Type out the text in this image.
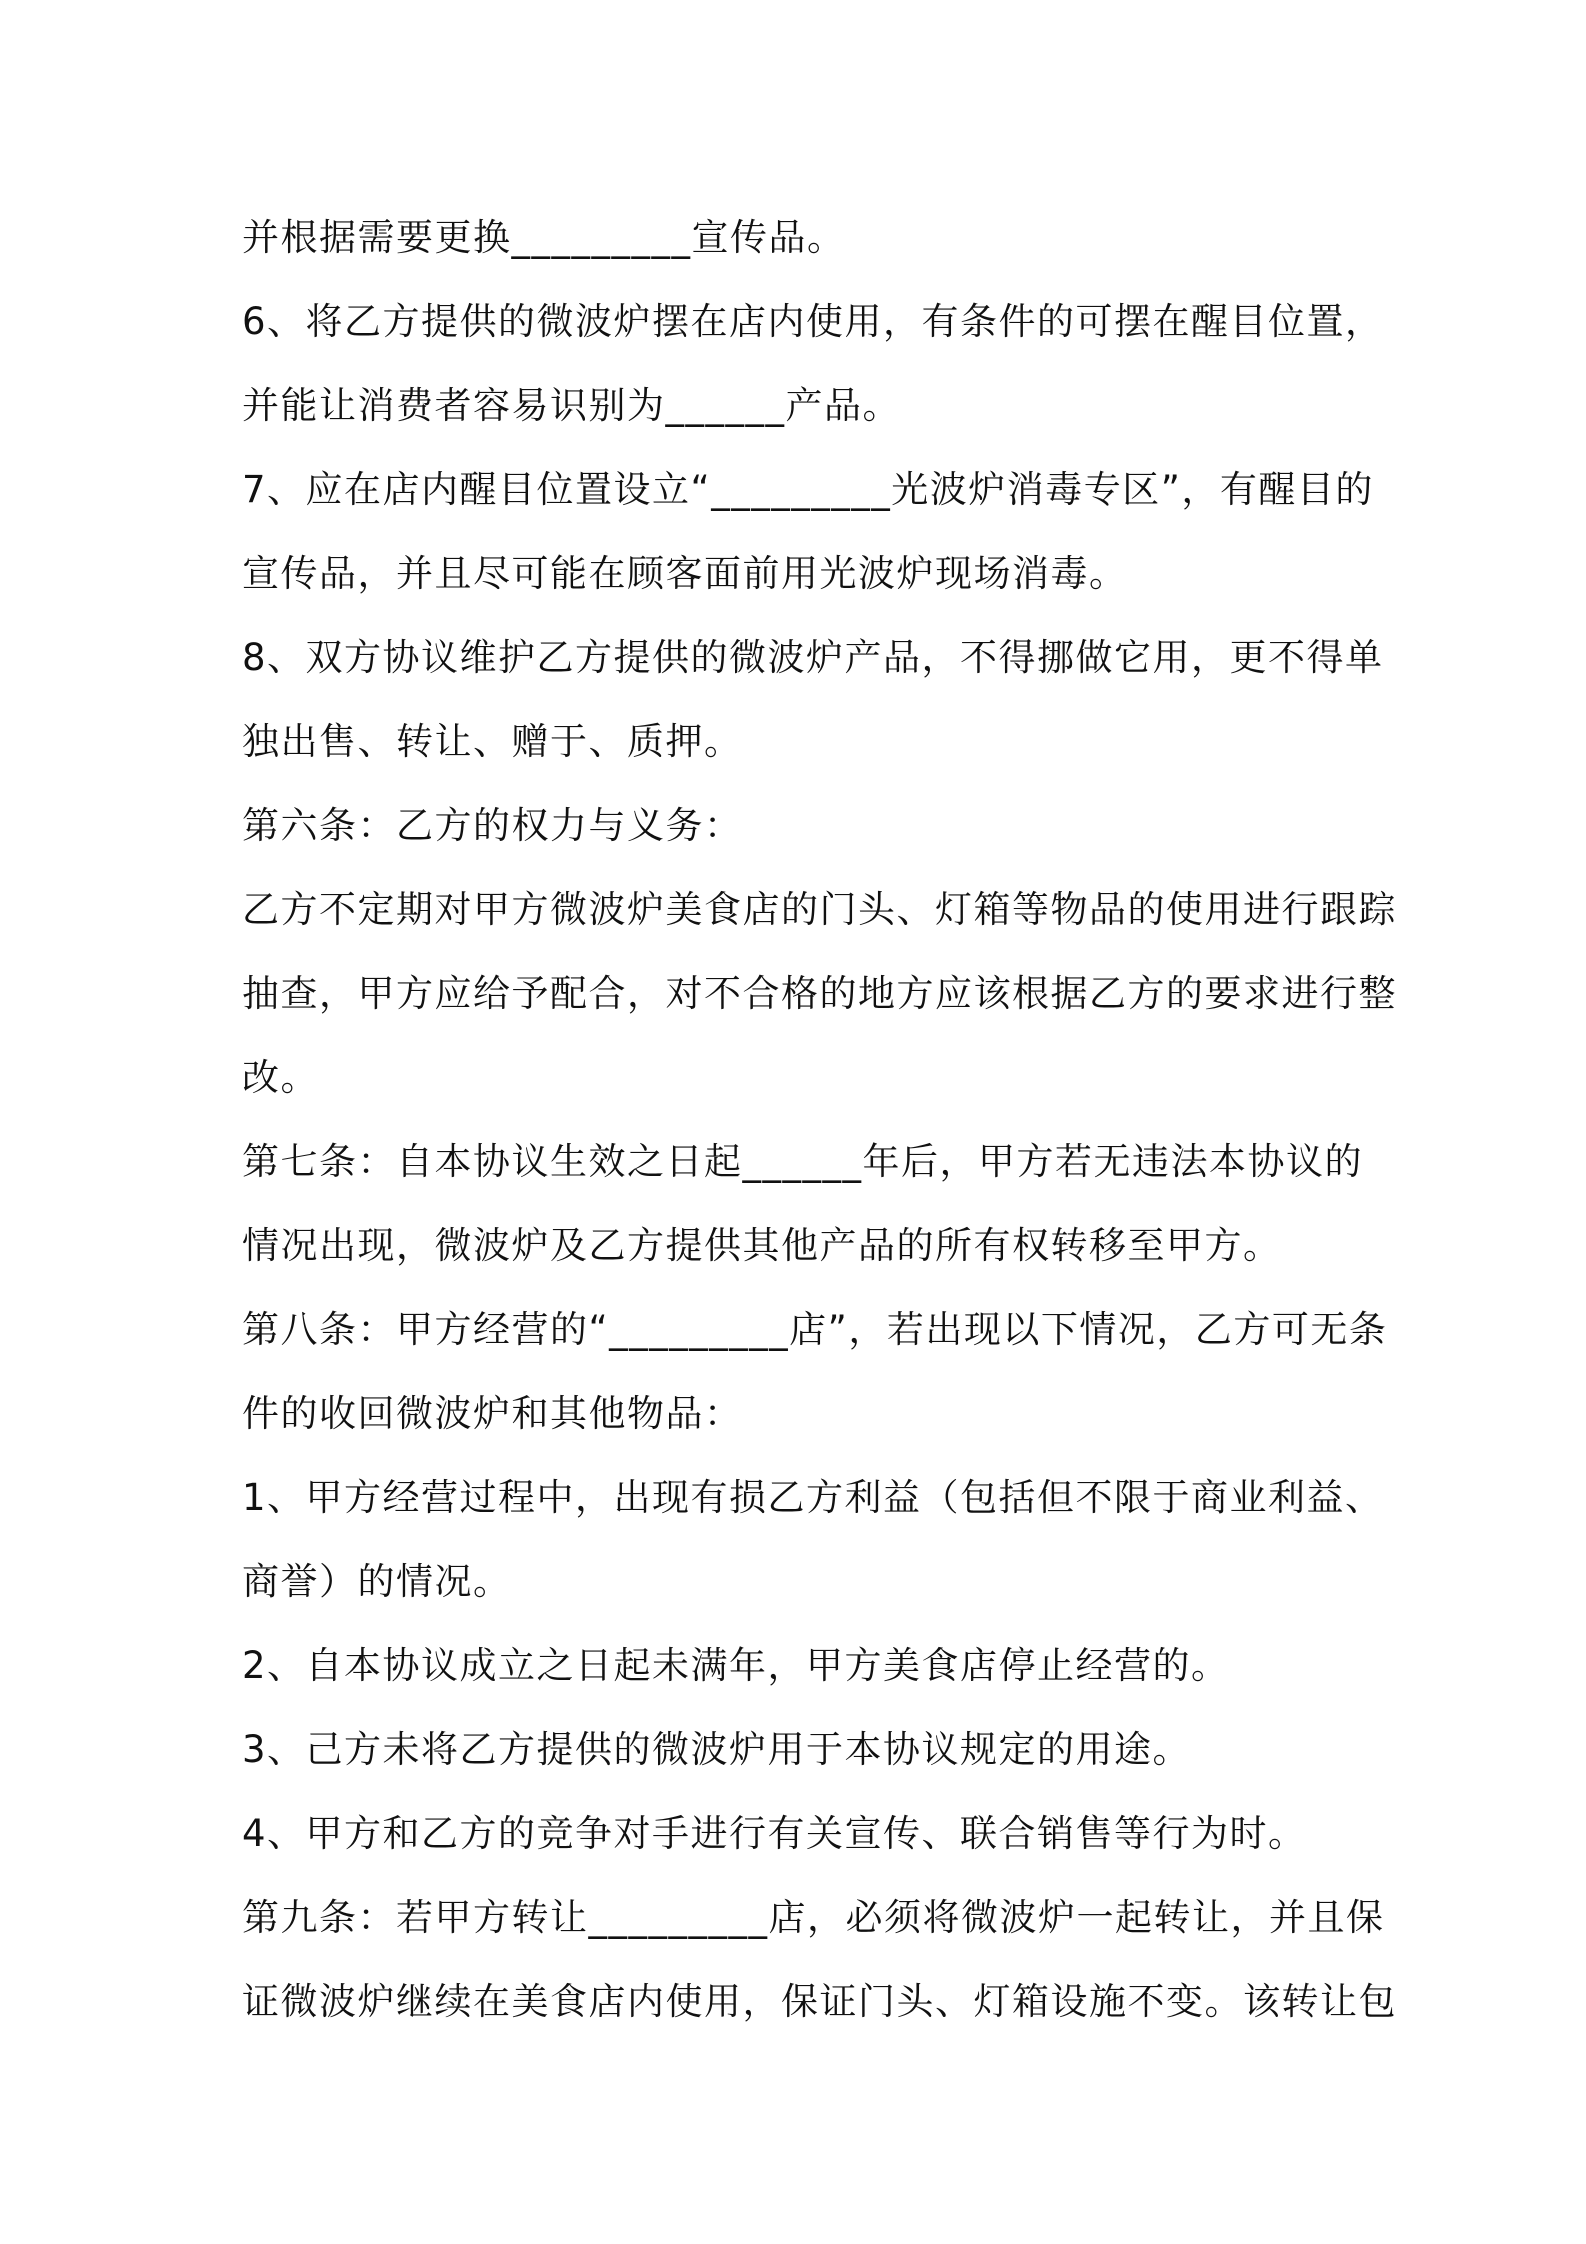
并根据需要更换_________宣传品。
6、将乙方提供的微波炉摆在店内使用，有条件的可摆在醒目位置，
并能让消费者容易识别为______产品。
7、应在店内醒目位置设立“_________光波炉消毒专区”，有醒目的
宣传品，并且尽可能在顾客面前用光波炉现场消毒。
8、双方协议维护乙方提供的微波炉产品，不得挪做它用，更不得单
独出售、转让、赠于、质押。
第六条：乙方的权力与义务：
乙方不定期对甲方微波炉美食店的门头、灯箱等物品的使用进行跟踪
抽查，甲方应给予配合，对不合格的地方应该根据乙方的要求进行整
改。
第七条：自本协议生效之日起______年后，甲方若无违法本协议的
情况出现，微波炉及乙方提供其他产品的所有权转移至甲方。
第八条：甲方经营的“_________店”，若出现以下情况，乙方可无条
件的收回微波炉和其他物品：
1、甲方经营过程中，出现有损乙方利益（包括但不限于商业利益、
商誉）的情况。
2、自本协议成立之日起未满年，甲方美食店停止经营的。
3、己方未将乙方提供的微波炉用于本协议规定的用途。
4、甲方和乙方的竞争对手进行有关宣传、联合销售等行为时。
第九条：若甲方转让_________店，必须将微波炉一起转让，并且保
证微波炉继续在美食店内使用，保证门头、灯箱设施不变。该转让包
